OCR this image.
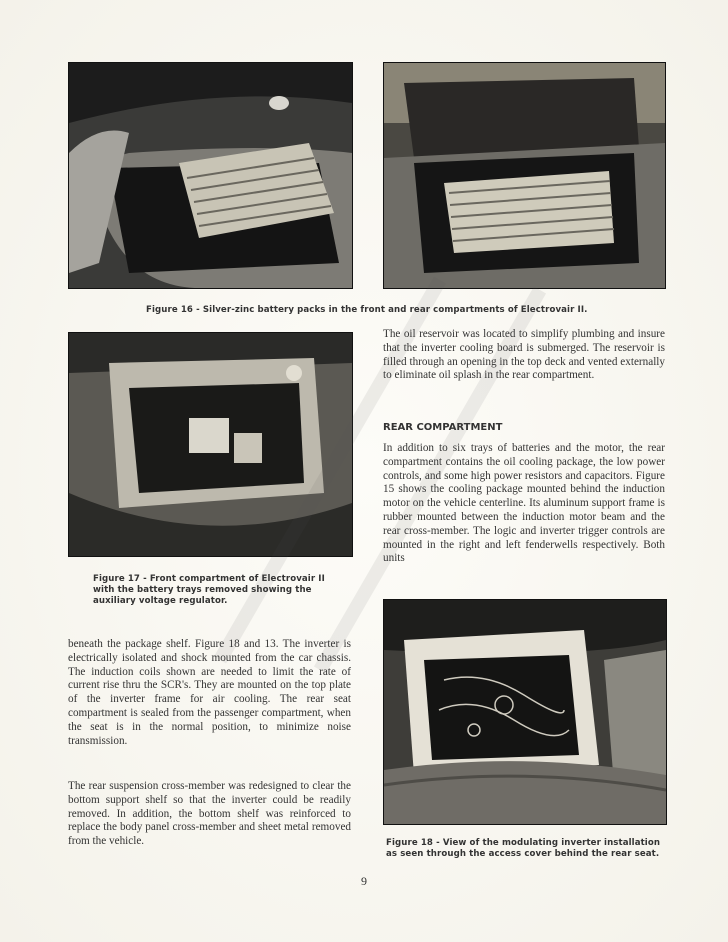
Figure 16 - Silver-zinc battery packs in the front and rear compartments of Electrovair II.
Figure 17 - Front compartment of Electrovair II
with the battery trays removed showing the
auxiliary voltage regulator.
The oil reservoir was located to simplify plumbing and insure that the inverter cooling board is submerged. The reservoir is filled through an opening in the top deck and vented externally to eliminate oil splash in the rear compartment.
REAR COMPARTMENT
In addition to six trays of batteries and the motor, the rear compartment contains the oil cooling package, the low power controls, and some high power resistors and capacitors. Figure 15 shows the cooling package mounted behind the induction motor on the vehicle centerline. Its aluminum support frame is rubber mounted between the induction motor beam and the rear cross-member. The logic and inverter trigger controls are mounted in the right and left fenderwells respectively. Both units
beneath the package shelf. Figure 18 and 13. The inverter is electrically isolated and shock mounted from the car chassis. The induction coils shown are needed to limit the rate of current rise thru the SCR's. They are mounted on the top plate of the inverter frame for air cooling. The rear seat compartment is sealed from the passenger compartment, when the seat is in the normal position, to minimize noise transmission.
The rear suspension cross-member was redesigned to clear the bottom support shelf so that the inverter could be readily removed. In addition, the bottom shelf was reinforced to replace the body panel cross-member and sheet metal removed from the vehicle.	Figure 18 - View of the modulating inverter installation
as seen through the access cover behind the rear seat.
9
